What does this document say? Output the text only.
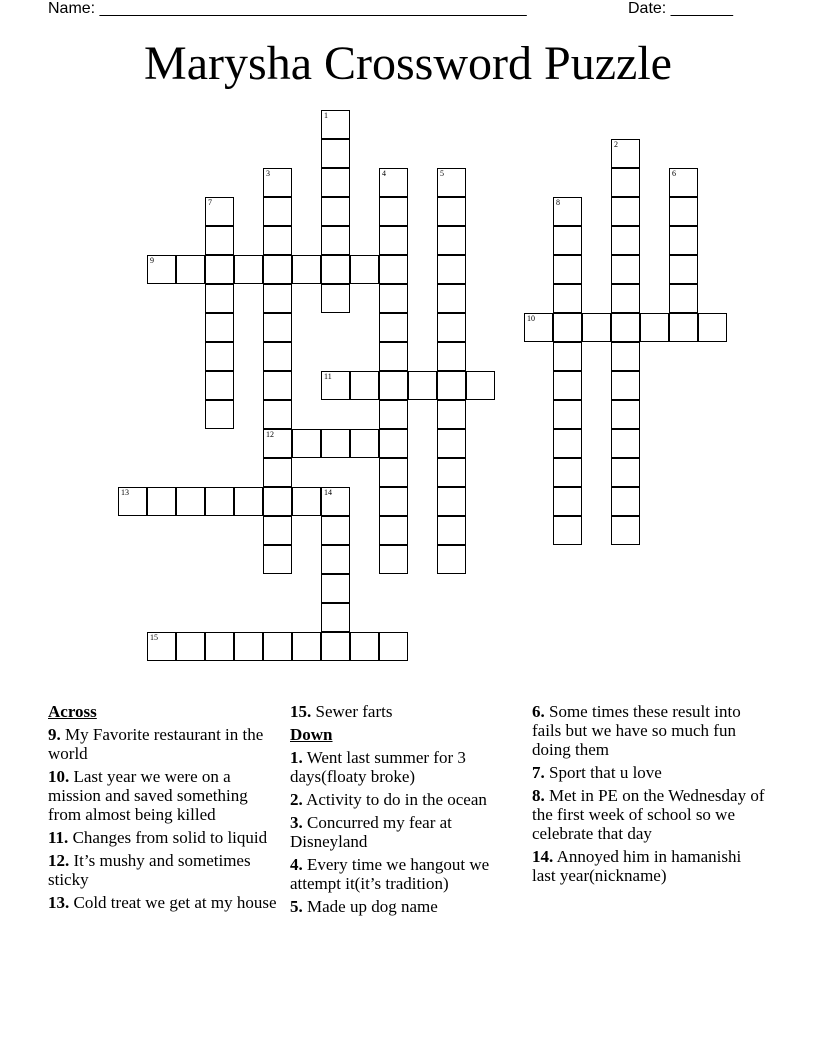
Name: ________________________________________________	Date: _______
Marysha Crossword Puzzle
1
2
3
12
4	5	6
7	8
9
10
11
13	14
15
Across
9. My Favorite restaurant in the world
10. Last year we were on a mission and saved something from almost being killed
11. Changes from solid to liquid
12. It’s mushy and sometimes sticky
13. Cold treat we get at my house
15. Sewer farts
Down
1. Went last summer for 3 days(floaty broke)
2. Activity to do in the ocean
3. Concurred my fear at Disneyland
4. Every time we hangout we attempt it(it’s tradition)
5. Made up dog name
6. Some times these result into fails but we have so much fun doing them
7. Sport that u love
8. Met in PE on the Wednesday of the first week of school so we celebrate that day
14. Annoyed him in hamanishi last year(nickname)
